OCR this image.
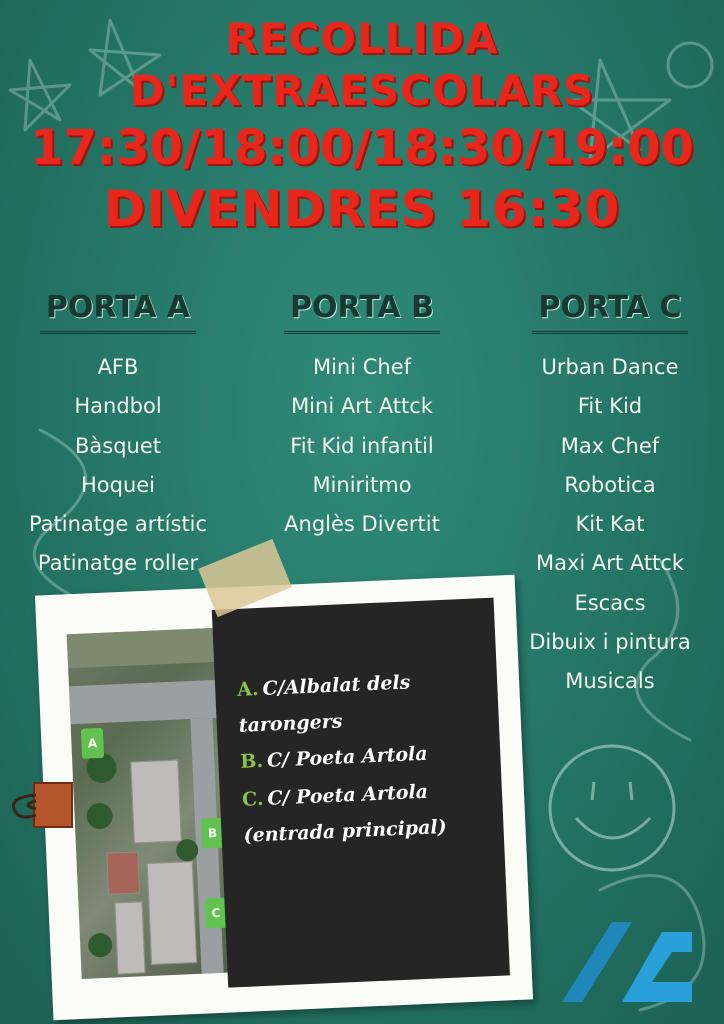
RECOLLIDA
D'EXTRAESCOLARS
17:30/18:00/18:30/19:00
DIVENDRES 16:30
PORTA A
AFB
Handbol
Bàsquet
Hoquei
Patinatge artístic
Patinatge roller
PORTA B
Mini Chef
Mini Art Attck
Fit Kid infantil
Miniritmo
Anglès Divertit
PORTA C
Urban Dance
Fit Kid
Max Chef
Robotica
Kit Kat
Maxi Art Attck
Escacs
Dibuix i pintura
Musicals
A
B
C

A. C/Albalat dels

tarongers

B. C/ Poeta Artola

C. C/ Poeta Artola

(entrada principal)
